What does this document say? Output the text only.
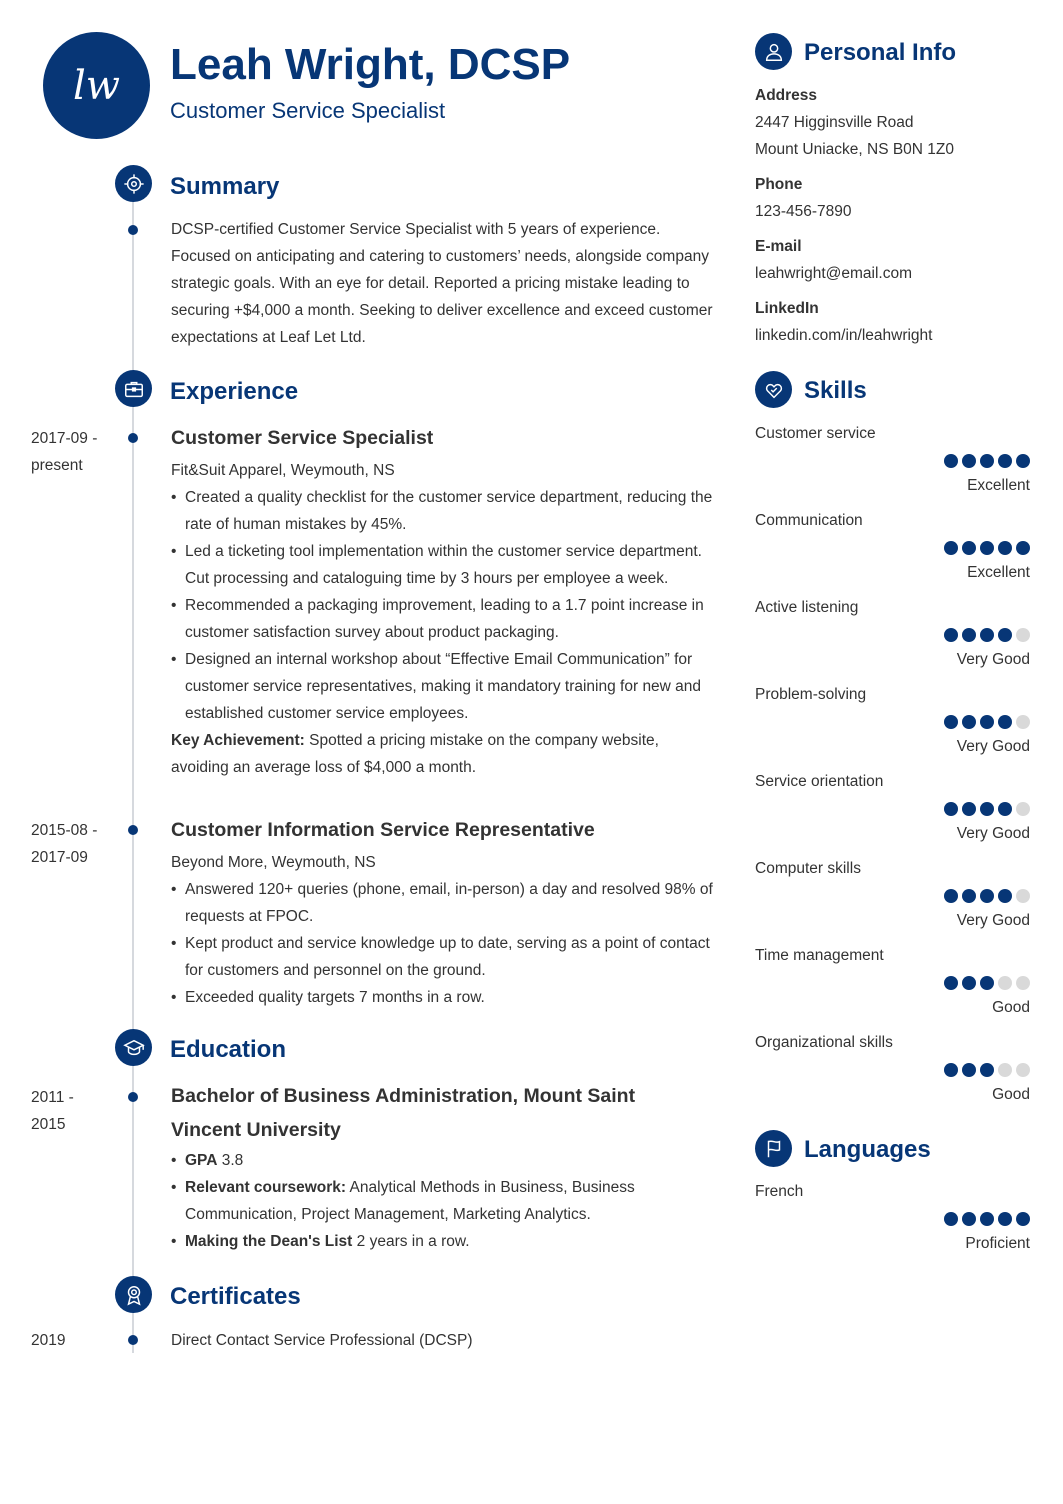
lw Leah Wright, DCSP
Customer Service Specialist
Summary

DCSP-certified Customer Service Specialist with 5 years of experience. Focused on anticipating and catering to customers’ needs, alongside company strategic goals. With an eye for detail. Reported a pricing mistake leading to securing +$4,000 a month. Seeking to deliver excellence and exceed customer expectations at Leaf Let Ltd.

Experience
2017-09 -
present
Customer Service Specialist

Fit&Suit Apparel, Weymouth, NS

• Created a quality checklist for the customer service department, reducing the rate of human mistakes by 45%.
• Led a ticketing tool implementation within the customer service department. Cut processing and cataloguing time by 3 hours per employee a week.
• Recommended a packaging improvement, leading to a 1.7 point increase in customer satisfaction survey about product packaging.
• Designed an internal workshop about “Effective Email Communication” for customer service representatives, making it mandatory training for new and established customer service employees.

Key Achievement: Spotted a pricing mistake on the company website, avoiding an average loss of $4,000 a month.

2015-08 -
2017-09
Customer Information Service Representative

Beyond More, Weymouth, NS

• Answered 120+ queries (phone, email, in-person) a day and resolved 98% of requests at FPOC.
• Kept product and service knowledge up to date, serving as a point of contact for customers and personnel on the ground.
• Exceeded quality targets 7 months in a row.
Education
2011 -
2015
Bachelor of Business Administration, Mount Saint Vincent University
• GPA 3.8
• Relevant coursework: Analytical Methods in Business, Business Communication, Project Management, Marketing Analytics.
• Making the Dean's List 2 years in a row.
Certificates
2019	Direct Contact Service Professional (DCSP)
Personal Info
Address
2447 Higginsville Road
Mount Uniacke, NS B0N 1Z0
Phone
123-456-7890
E-mail
leahwright@email.com
LinkedIn
linkedin.com/in/leahwright
Skills
Customer service
Excellent
Communication
Excellent
Active listening
Very Good
Problem-solving
Very Good
Service orientation
Very Good
Computer skills
Very Good
Time management
Good
Organizational skills
Good
Languages
French
Proficient
